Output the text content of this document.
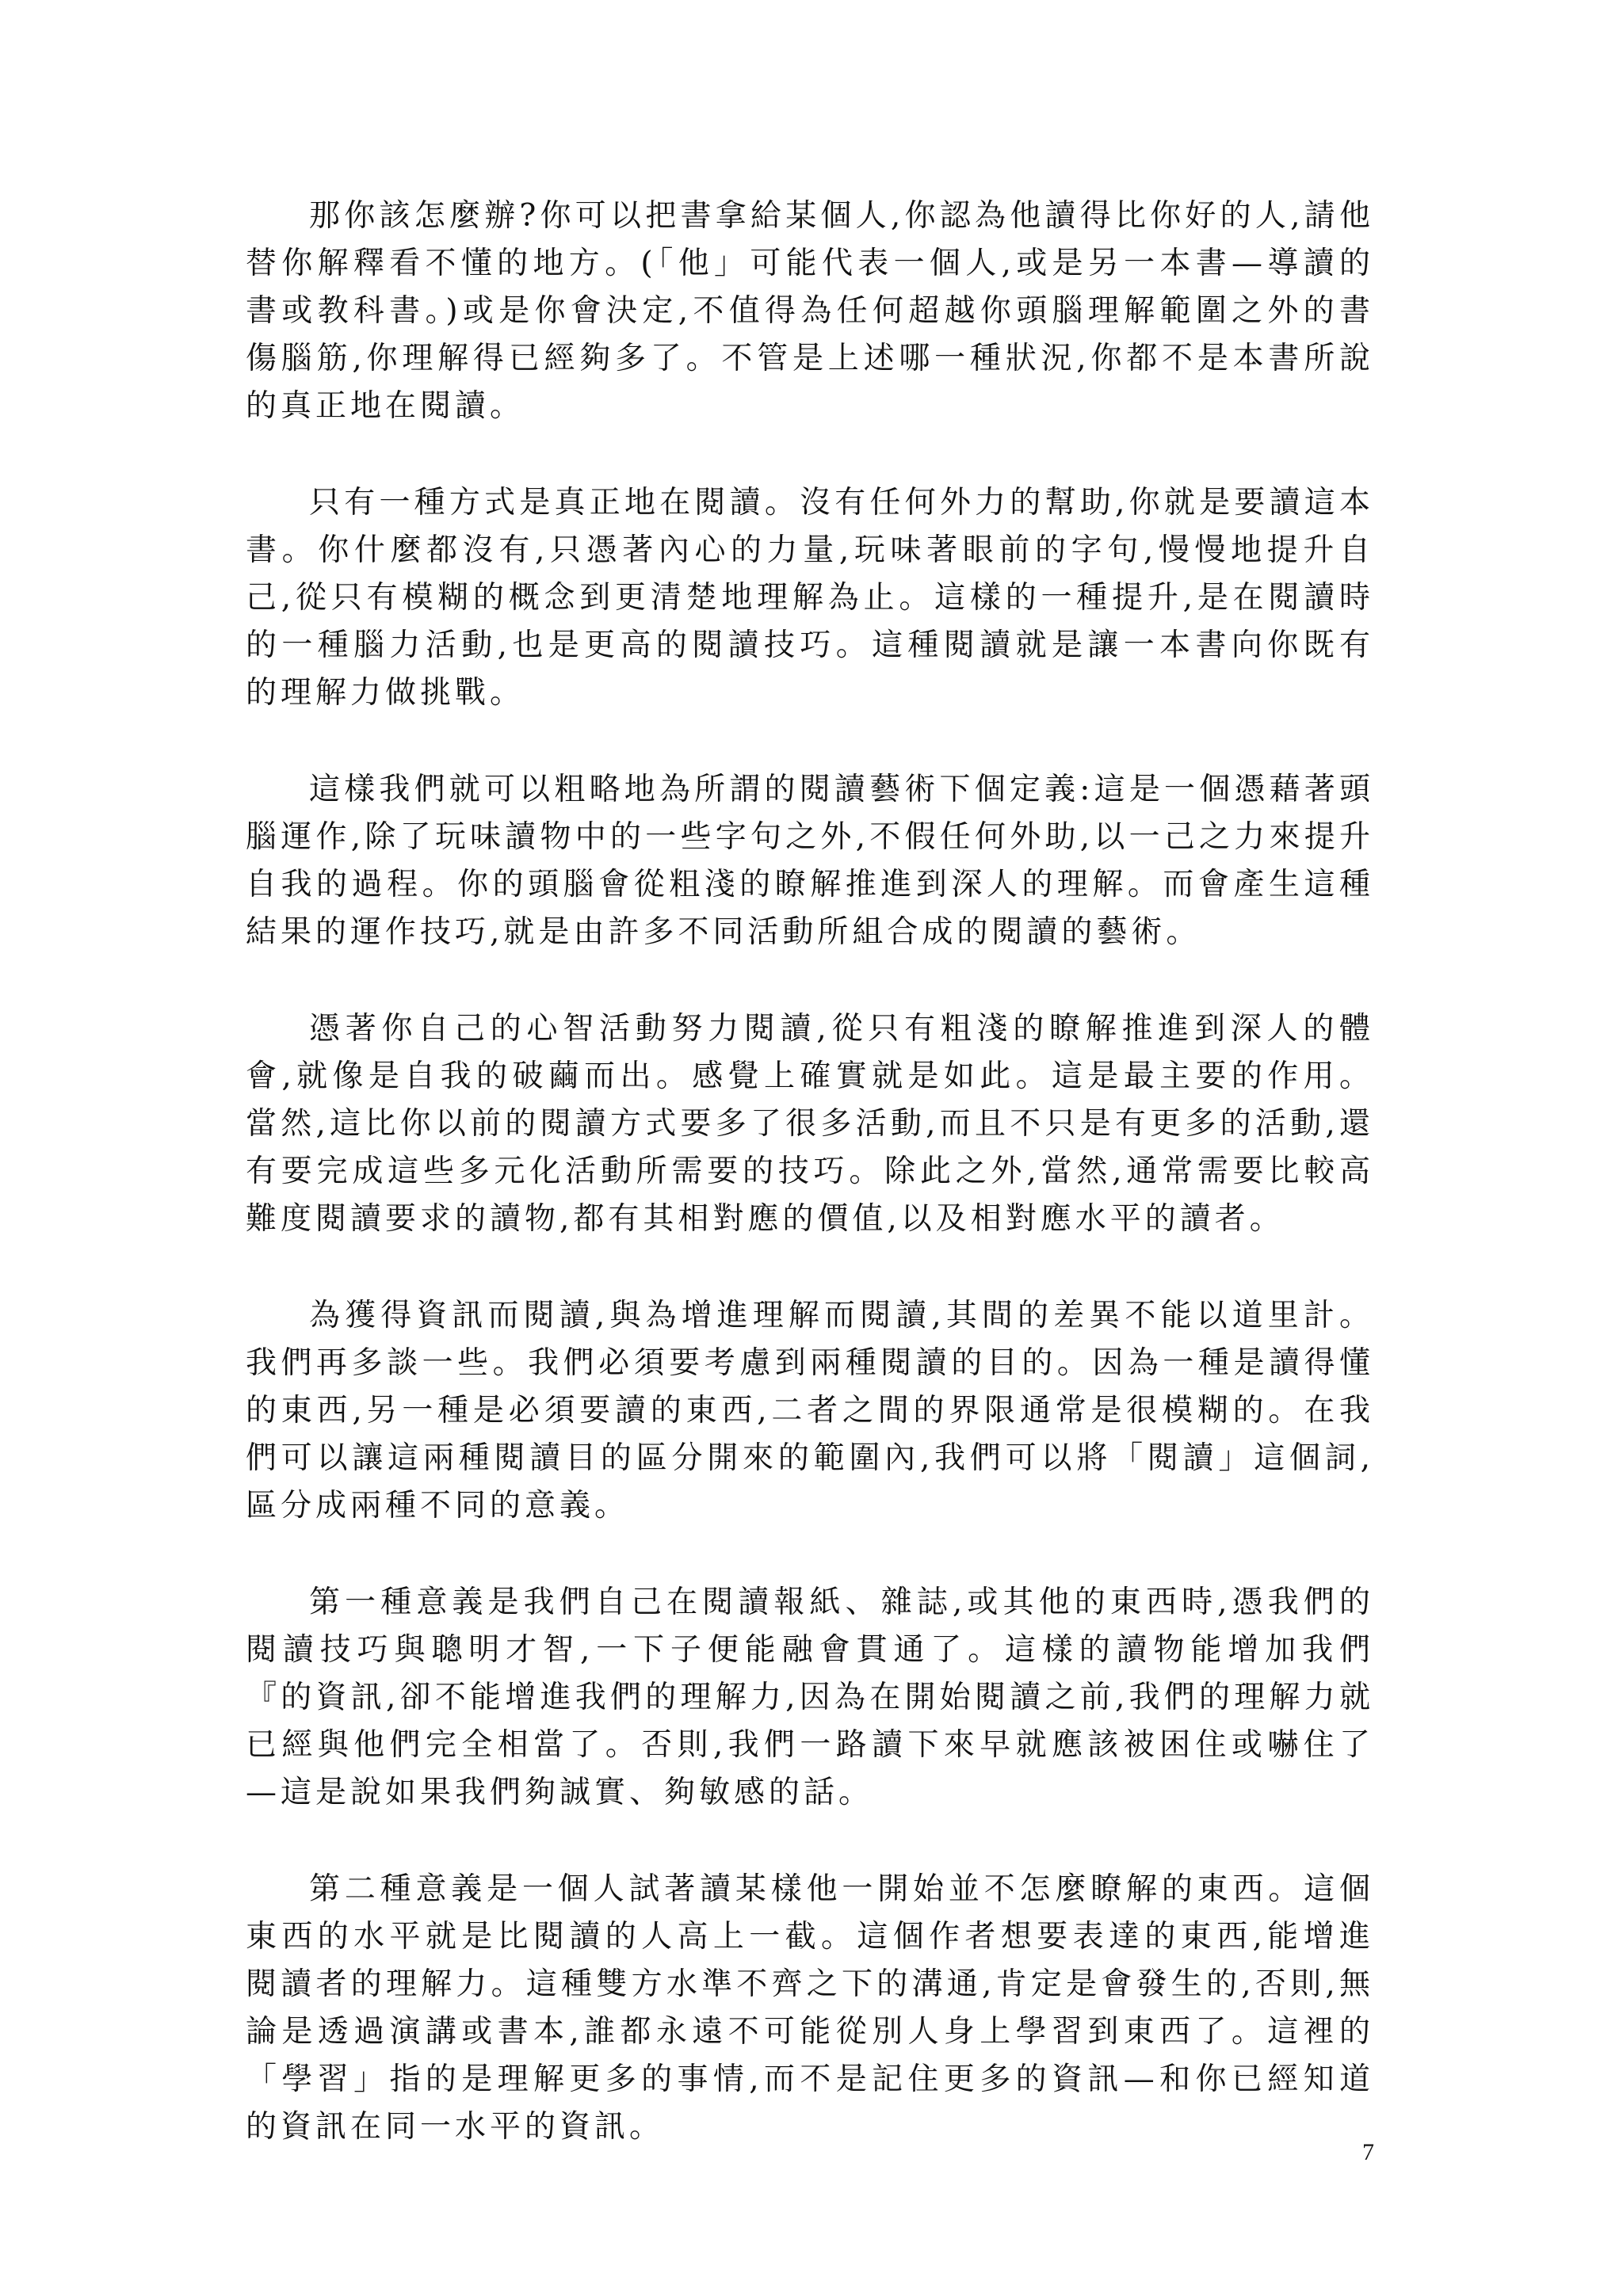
那你該怎麼辦?你可以把書拿給某個人,你認為他讀得比你好的人,請他替你解釋看不懂的地方。(「他」可能代表一個人,或是另一本書—導讀的書或教科書。)或是你會決定,不值得為任何超越你頭腦理解範圍之外的書傷腦筋,你理解得已經夠多了。不管是上述哪一種狀況,你都不是本書所說的真正地在閱讀。

只有一種方式是真正地在閱讀。沒有任何外力的幫助,你就是要讀這本書。你什麼都沒有,只憑著內心的力量,玩味著眼前的字句,慢慢地提升自己,從只有模糊的概念到更清楚地理解為止。這樣的一種提升,是在閱讀時的一種腦力活動,也是更高的閱讀技巧。這種閱讀就是讓一本書向你既有的理解力做挑戰。

這樣我們就可以粗略地為所謂的閱讀藝術下個定義:這是一個憑藉著頭腦運作,除了玩味讀物中的一些字句之外,不假任何外助,以一己之力來提升自我的過程。你的頭腦會從粗淺的瞭解推進到深人的理解。而會產生這種結果的運作技巧,就是由許多不同活動所組合成的閱讀的藝術。

憑著你自己的心智活動努力閱讀,從只有粗淺的瞭解推進到深人的體會,就像是自我的破繭而出。感覺上確實就是如此。這是最主要的作用。當然,這比你以前的閱讀方式要多了很多活動,而且不只是有更多的活動,還有要完成這些多元化活動所需要的技巧。除此之外,當然,通常需要比較高難度閱讀要求的讀物,都有其相對應的價值,以及相對應水平的讀者。

為獲得資訊而閱讀,與為增進理解而閱讀,其間的差異不能以道里計。我們再多談一些。我們必須要考慮到兩種閱讀的目的。因為一種是讀得懂的東西,另一種是必須要讀的東西,二者之間的界限通常是很模糊的。在我們可以讓這兩種閱讀目的區分開來的範圍內,我們可以將「閱讀」這個詞,區分成兩種不同的意義。

第一種意義是我們自己在閱讀報紙、雜誌,或其他的東西時,憑我們的閱讀技巧與聰明才智,一下子便能融會貫通了。這樣的讀物能增加我們『的資訊,卻不能增進我們的理解力,因為在開始閱讀之前,我們的理解力就已經與他們完全相當了。否則,我們一路讀下來早就應該被困住或嚇住了—這是說如果我們夠誠實、夠敏感的話。

第二種意義是一個人試著讀某樣他一開始並不怎麼瞭解的東西。這個東西的水平就是比閱讀的人高上一截。這個作者想要表達的東西,能增進閱讀者的理解力。這種雙方水準不齊之下的溝通,肯定是會發生的,否則,無論是透過演講或書本,誰都永遠不可能從別人身上學習到東西了。這裡的「學習」指的是理解更多的事情,而不是記住更多的資訊—和你已經知道的資訊在同一水平的資訊。

7
